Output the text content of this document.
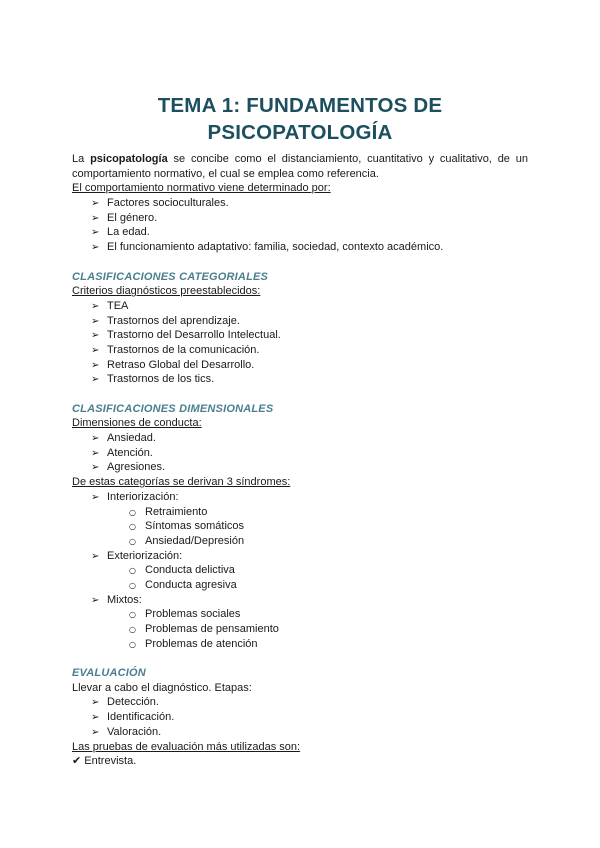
TEMA 1: FUNDAMENTOS DE
PSICOPATOLOGÍA
La psicopatología se concibe como el distanciamiento, cuantitativo y cualitativo, de un comportamiento normativo, el cual se emplea como referencia.
El comportamiento normativo viene determinado por:
➢ Factores socioculturales.
➢ El género.
➢ La edad.
➢ El funcionamiento adaptativo: familia, sociedad, contexto académico.
CLASIFICACIONES CATEGORIALES
Criterios diagnósticos preestablecidos:
➢ TEA
➢ Trastornos del aprendizaje.
➢ Trastorno del Desarrollo Intelectual.
➢ Trastornos de la comunicación.
➢ Retraso Global del Desarrollo.
➢ Trastornos de los tics.
CLASIFICACIONES DIMENSIONALES
Dimensiones de conducta:
➢ Ansiedad.
➢ Atención.
➢ Agresiones.
De estas categorías se derivan 3 síndromes:
➢ Interiorización:
○ Retraimiento
○ Síntomas somáticos
○ Ansiedad/Depresión
➢ Exteriorización:
○ Conducta delictiva
○ Conducta agresiva
➢ Mixtos:
○ Problemas sociales
○ Problemas de pensamiento
○ Problemas de atención
EVALUACIÓN
Llevar a cabo el diagnóstico. Etapas:
➢ Detección.
➢ Identificación.
➢ Valoración.
Las pruebas de evaluación más utilizadas son:
✔ Entrevista.
